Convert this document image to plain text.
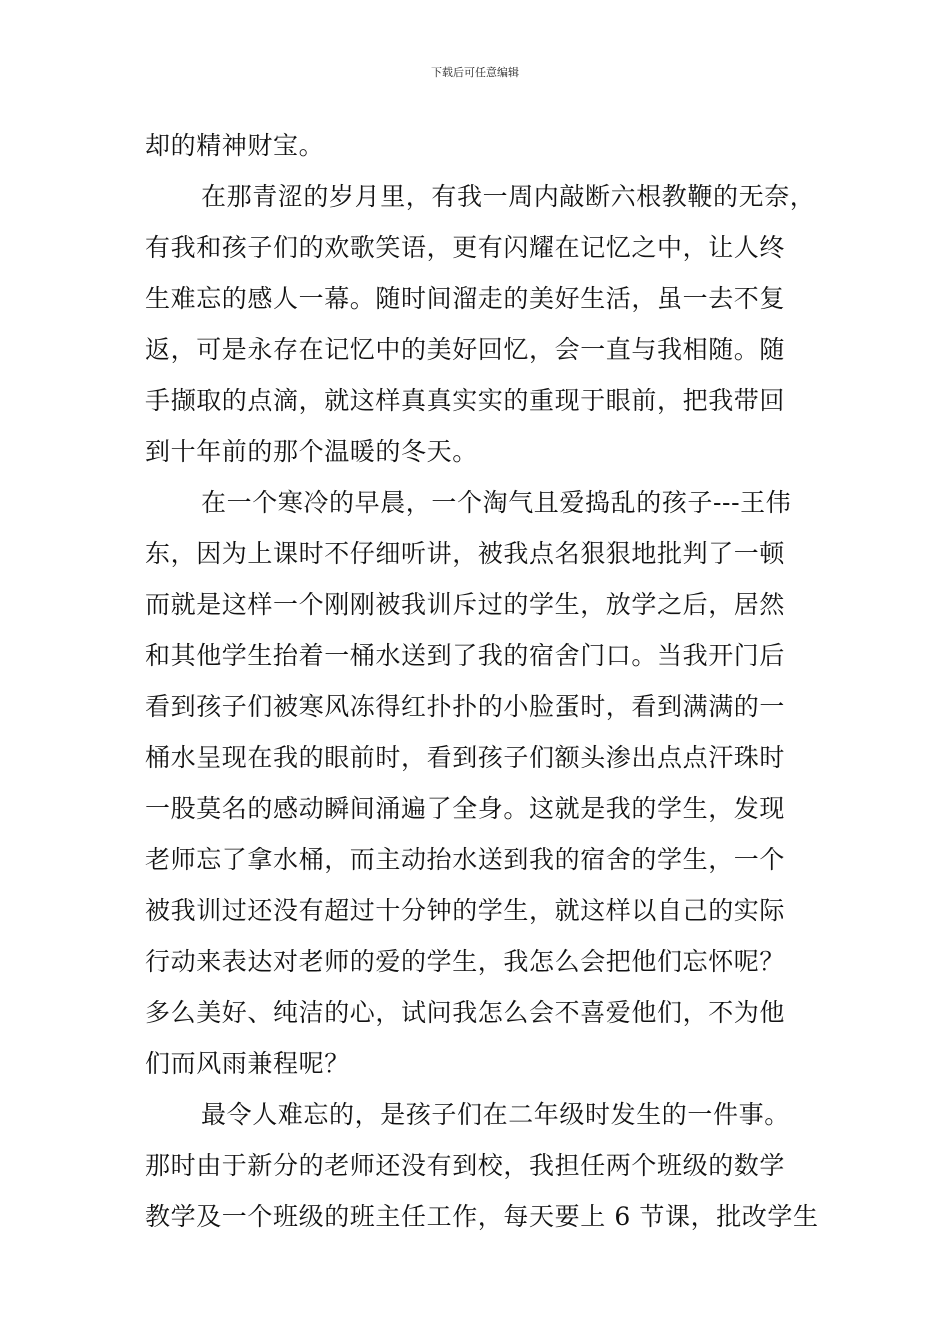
下载后可任意编辑
却的精神财宝。
在那青涩的岁月里，有我一周内敲断六根教鞭的无奈，
有我和孩子们的欢歌笑语，更有闪耀在记忆之中，让人终
生难忘的感人一幕。随时间溜走的美好生活，虽一去不复
返，可是永存在记忆中的美好回忆，会一直与我相随。随
手撷取的点滴，就这样真真实实的重现于眼前，把我带回
到十年前的那个温暖的冬天。
在一个寒冷的早晨，一个淘气且爱捣乱的孩子---王伟
东，因为上课时不仔细听讲，被我点名狠狠地批判了一顿
而就是这样一个刚刚被我训斥过的学生，放学之后，居然
和其他学生抬着一桶水送到了我的宿舍门口。当我开门后
看到孩子们被寒风冻得红扑扑的小脸蛋时，看到满满的一
桶水呈现在我的眼前时，看到孩子们额头渗出点点汗珠时
一股莫名的感动瞬间涌遍了全身。这就是我的学生，发现
老师忘了拿水桶，而主动抬水送到我的宿舍的学生，一个
被我训过还没有超过十分钟的学生，就这样以自己的实际
行动来表达对老师的爱的学生，我怎么会把他们忘怀呢？
多么美好、纯洁的心，试问我怎么会不喜爱他们，不为他
们而风雨兼程呢？
最令人难忘的，是孩子们在二年级时发生的一件事。
那时由于新分的老师还没有到校，我担任两个班级的数学
教学及一个班级的班主任工作，每天要上 6 节课，批改学生
